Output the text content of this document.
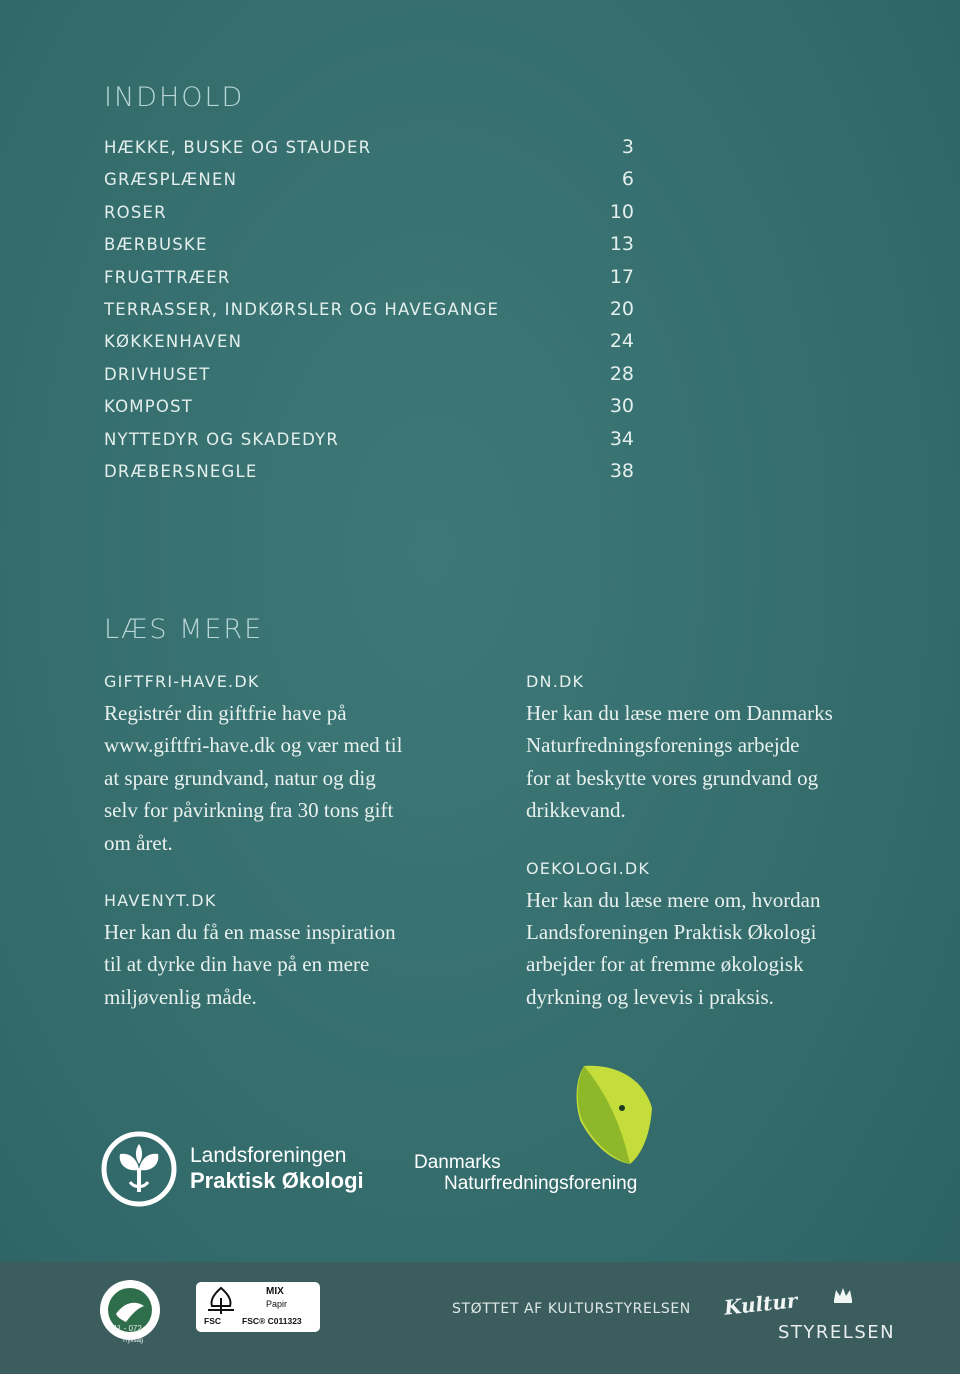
INDHOLD
HÆKKE, BUSKE OG STAUDER	3
GRÆSPLÆNEN	6
ROSER	10
BÆRBUSKE	13
FRUGTTRÆER	17
TERRASSER, INDKØRSLER OG HAVEGANGE	20
KØKKENHAVEN	24
DRIVHUSET	28
KOMPOST	30
NYTTEDYR OG SKADEDYR	34
DRÆBERSNEGLE	38
LÆS MERE
GIFTFRI-HAVE.DK
Registrér din giftfrie have på
www.giftfri-have.dk og vær med til
at spare grundvand, natur og dig
selv for påvirkning fra 30 tons gift
om året.
HAVENYT.DK
Her kan du få en masse inspiration
til at dyrke din have på en mere
miljøvenlig måde.
DN.DK
Her kan du læse mere om Danmarks
Naturfredningsforenings arbejde
for at beskytte vores grundvand og
drikkevand.
OEKOLOGI.DK
Her kan du læse mere om, hvordan
Landsforeningen Praktisk Økologi
arbejder for at fremme økologisk
dyrkning og levevis i praksis.
Landsforeningen
Praktisk Økologi
Danmarks
Naturfredningsforening
541 - 072
Tryksag
MIX
Papir
FSC FSC® C011323
STØTTET AF KULTURSTYRELSEN Kultur
STYRELSEN
